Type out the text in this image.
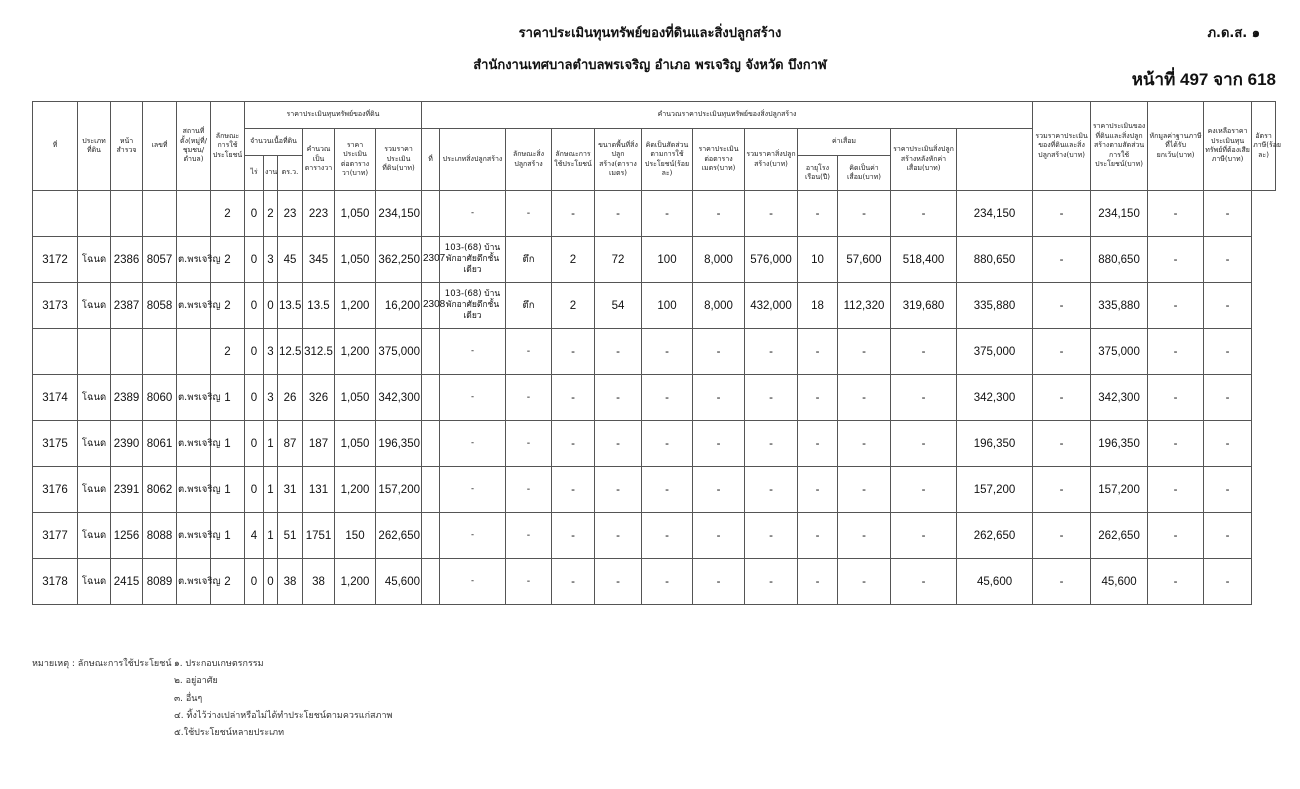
ราคาประเมินทุนทรัพย์ของที่ดินและสิ่งปลูกสร้าง
สำนักงานเทศบาลตำบลพรเจริญ อำเภอ พรเจริญ จังหวัด บึงกาฬ
ภ.ด.ส. ๑
หน้าที่ 497 จาก 618
ที่	ประเภทที่ดิน	หน้าสำรวจ	เลขที่	สถานที่ตั้ง(หมู่ที่/ชุมชน/ตำบล)	ลักษณะการใช้ประโยชน์	ราคาประเมินทุนทรัพย์ของที่ดิน						คำนวณราคาประเมินทุนทรัพย์ของสิ่งปลูกสร้าง												รวมราคาประเมินของที่ดินและสิ่งปลูกสร้าง(บาท)	ราคาประเมินของที่ดินและสิ่งปลูกสร้างตามสัดส่วนการใช้ประโยชน์(บาท)	หักมูลค่าฐานภาษีที่ได้รับยกเว้น(บาท)	คงเหลือราคาประเมินทุนทรัพย์ที่ต้องเสียภาษี(บาท)	อัตราภาษี(ร้อยละ)
						จำนวนเนื้อที่ดิน			คำนวณเป็นตารางวา	ราคาประเมินต่อตารางวา(บาท)	รวมราคาประเมินที่ดิน(บาท)	ที่	ประเภทสิ่งปลูกสร้าง	ลักษณะสิ่งปลูกสร้าง	ลักษณะการใช้ประโยชน์	ขนาดพื้นที่สิ่งปลูกสร้าง(ตารางเมตร)	คิดเป็นสัดส่วนตามการใช้ประโยชน์(ร้อยละ)	ราคาประเมินต่อตารางเมตร(บาท)	รวมราคาสิ่งปลูกสร้าง(บาท)	ค่าเสื่อม		ราคาประเมินสิ่งปลูกสร้างหลังหักค่าเสื่อม(บาท)						
						ไร่	งาน	ตร.ว.												อายุโรงเรือน(ปี)	คิดเป็นค่าเสื่อม(บาท)							
					2	0	2	23	223	1,050	234,150		-	-	-	-	-	-	-	-	-	-	234,150	-	234,150	-	-	
3172	โฉนด	2386	8057	ต.พรเจริญ	2	0	3	45	345	1,050	362,250	2307	103-(68) บ้านพักอาศัยตึกชั้นเดียว	ตึก	2	72	100	8,000	576,000	10	57,600	518,400	880,650	-	880,650	-	-	
3173	โฉนด	2387	8058	ต.พรเจริญ	2	0	0	13.5	13.5	1,200	16,200	2308	103-(68) บ้านพักอาศัยตึกชั้นเดียว	ตึก	2	54	100	8,000	432,000	18	112,320	319,680	335,880	-	335,880	-	-	
					2	0	3	12.5	312.5	1,200	375,000		-	-	-	-	-	-	-	-	-	-	375,000	-	375,000	-	-	
3174	โฉนด	2389	8060	ต.พรเจริญ	1	0	3	26	326	1,050	342,300		-	-	-	-	-	-	-	-	-	-	342,300	-	342,300	-	-	
3175	โฉนด	2390	8061	ต.พรเจริญ	1	0	1	87	187	1,050	196,350		-	-	-	-	-	-	-	-	-	-	196,350	-	196,350	-	-	
3176	โฉนด	2391	8062	ต.พรเจริญ	1	0	1	31	131	1,200	157,200		-	-	-	-	-	-	-	-	-	-	157,200	-	157,200	-	-	
3177	โฉนด	1256	8088	ต.พรเจริญ	1	4	1	51	1751	150	262,650		-	-	-	-	-	-	-	-	-	-	262,650	-	262,650	-	-	
3178	โฉนด	2415	8089	ต.พรเจริญ	2	0	0	38	38	1,200	45,600		-	-	-	-	-	-	-	-	-	-	45,600	-	45,600	-	-	
หมายเหตุ : ลักษณะการใช้ประโยชน์ ๑. ประกอบเกษตรกรรม
๒. อยู่อาศัย
๓. อื่นๆ
๔. ทิ้งไว้ว่างเปล่าหรือไม่ได้ทำประโยชน์ตามควรแก่สภาพ
๕.ใช้ประโยชน์หลายประเภท
